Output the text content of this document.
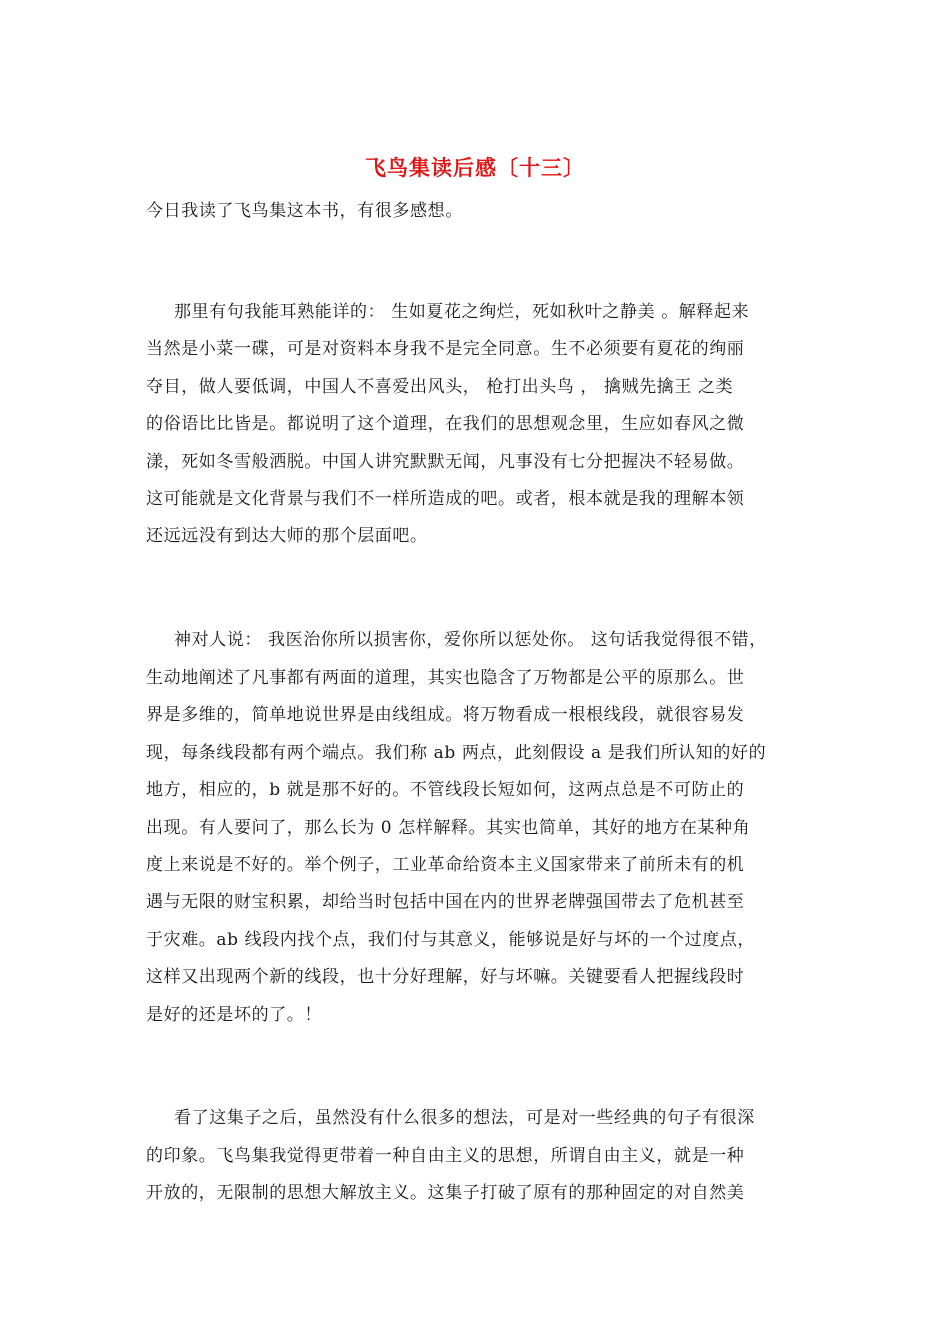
飞鸟集读后感〔十三〕
今日我读了飞鸟集这本书，有很多感想。
那里有句我能耳熟能详的： 生如夏花之绚烂，死如秋叶之静美 。解释起来
当然是小菜一碟，可是对资料本身我不是完全同意。生不必须要有夏花的绚丽
夺目，做人要低调，中国人不喜爱出风头， 枪打出头鸟 ， 擒贼先擒王 之类
的俗语比比皆是。都说明了这个道理，在我们的思想观念里，生应如春风之微
漾，死如冬雪般洒脱。中国人讲究默默无闻，凡事没有七分把握决不轻易做。
这可能就是文化背景与我们不一样所造成的吧。或者，根本就是我的理解本领
还远远没有到达大师的那个层面吧。
神对人说： 我医治你所以损害你，爱你所以惩处你。 这句话我觉得很不错，
生动地阐述了凡事都有两面的道理，其实也隐含了万物都是公平的原那么。世
界是多维的，简单地说世界是由线组成。将万物看成一根根线段，就很容易发
现，每条线段都有两个端点。我们称 ab 两点，此刻假设 a 是我们所认知的好的
地方，相应的，b 就是那不好的。不管线段长短如何，这两点总是不可防止的
出现。有人要问了，那么长为 0 怎样解释。其实也简单，其好的地方在某种角
度上来说是不好的。举个例子，工业革命给资本主义国家带来了前所未有的机
遇与无限的财宝积累，却给当时包括中国在内的世界老牌强国带去了危机甚至
于灾难。ab 线段内找个点，我们付与其意义，能够说是好与坏的一个过度点，
这样又出现两个新的线段，也十分好理解，好与坏嘛。关键要看人把握线段时
是好的还是坏的了。！
看了这集子之后，虽然没有什么很多的想法，可是对一些经典的句子有很深
的印象。飞鸟集我觉得更带着一种自由主义的思想，所谓自由主义，就是一种
开放的，无限制的思想大解放主义。这集子打破了原有的那种固定的对自然美
